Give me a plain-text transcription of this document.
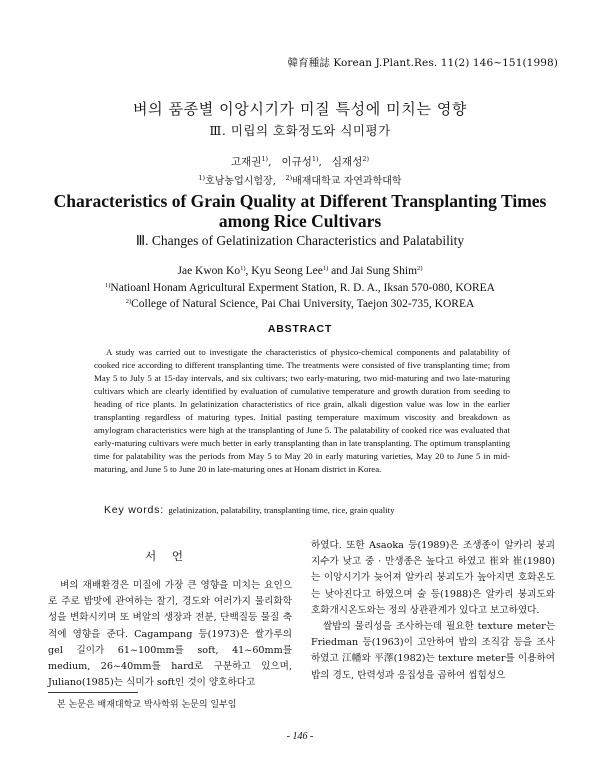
韓育種誌 Korean J.Plant.Res. 11(2) 146~151(1998)
벼의 품종별 이앙시기가 미질 특성에 미치는 영향
Ⅲ. 미립의 호화정도와 식미평가
고재권$^{1)}$,   이규성$^{1)}$,   심재성$^{2)}$
$^{1)}$호남농업시험장,   $^{2)}$배재대학교 자연과학대학
Characteristics of Grain Quality at Different Transplanting Times among Rice Cultivars
Ⅲ. Changes of Gelatinization Characteristics and Palatability
Jae Kwon Ko$^{1)}$, Kyu Seong Lee$^{1)}$ and Jai Sung Shim$^{2)}$
$^{1)}$Natioanl Honam Agricultural Experment Station, R. D. A., Iksan 570-080, KOREA
$^{2)}$College of Natural Science, Pai Chai University, Taejon 302-735, KOREA
ABSTRACT
A study was carried out to investigate the characteristics of physico-chemical components and palatability of cooked rice according to different transplanting time. The treatments were consisted of five transplanting time; from May 5 to July 5 at 15-day intervals, and six cultivars; two early-maturing, two mid-maturing and two late-maturing cultivars which are clearly identified by evaluation of cumulative temperature and growth duration from seeding to heading of rice plants. In gelatinization characteristics of rice grain, alkali digestion value was low in the earlier transplanting regardless of maturing types. Initial pasting temperature maximum viscosity and breakdown as amylogram characteristics were high at the transplanting of June 5. The palatability of cooked rice was evaluated that early-maturing cultivars were much better in early transplanting than in late transplanting. The optimum transplanting time for palatability was the periods from May 5 to May 20 in early maturing varieties, May 20 to June 5 in mid-maturing, and June 5 to June 20 in late-maturing ones at Honam district in Korea.
Key words: gelatinization, palatability, transplanting time, rice, grain quality
서 언
벼의 재배환경은 미질에 가장 큰 영향을 미치는 요인으로 주로 밥맛에 관여하는 찰기, 경도와 여러가지 물리화학성을 변화시키며 또 벼알의 생장과 전분, 단백질등 물질 축적에 영향을 준다. Cagampang 등(1973)은 쌀가루의 gel 길이가 61~100mm를 soft, 41~60mm를 medium, 26~40mm를 hard로 구분하고 있으며, Juliano(1985)는 식미가 soft인 것이 양호하다고

하였다. 또한 Asaoka 등(1989)은 조생종이 알카리 붕괴지수가 낮고 중 · 만생종은 높다고 하였고 崔와 崔(1980)는 이앙시기가 늦어져 알카리 붕괴도가 높아지면 호화온도는 낮아진다고 하였으며 술 등(1988)은 알카리 붕괴도와 호화개시온도와는 정의 상관관계가 있다고 보고하였다.

쌀밥의 물리성을 조사하는데 필요한 texture meter는 Friedman 등(1963)이 고안하여 밥의 조직감 등을 조사하였고 江幡와 平澤(1982)는 texture meter를 이용하여 밥의 경도, 탄력성과 응집성을 곱하여 씹힘성으

본 논문은 배재대학교 박사학위 논문의 일부임
- 146 -
